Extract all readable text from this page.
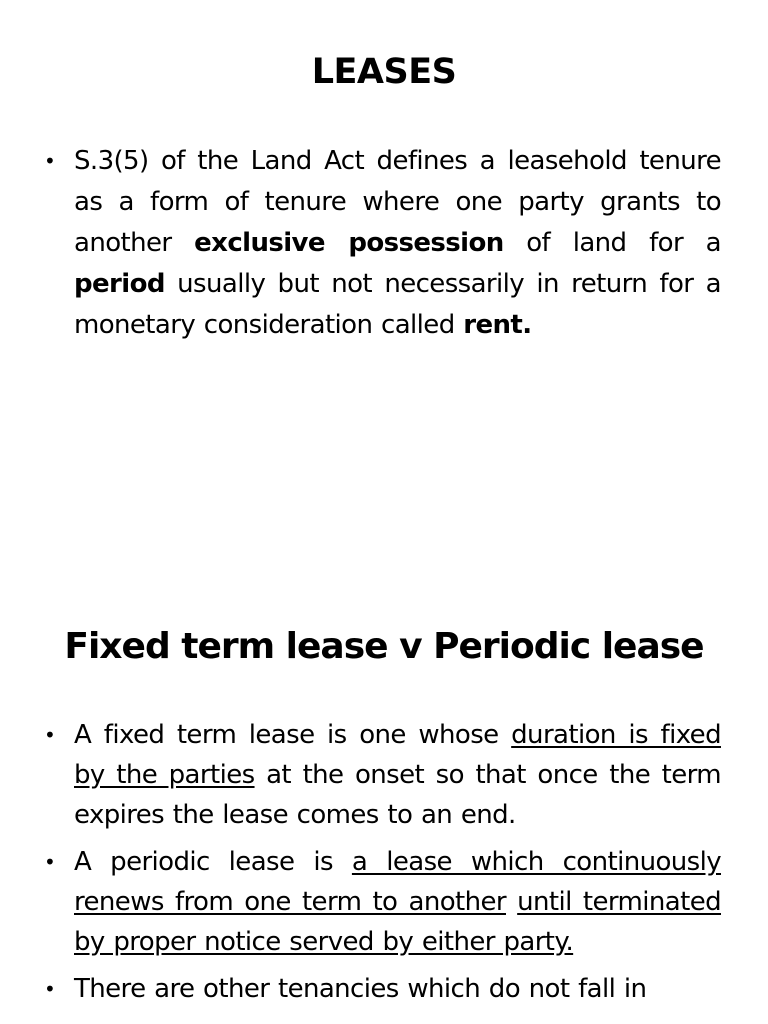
LEASES
• S.3(5) of the Land Act defines a leasehold tenure as a form of tenure where one party grants to another exclusive possession of land for a period usually but not necessarily in return for a monetary consideration called rent.
Fixed term lease v Periodic lease
• A fixed term lease is one whose duration is fixed by the parties at the onset so that once the term expires the lease comes to an end.
• A periodic lease is a lease which continuously renews from one term to another until terminated by proper notice served by either party.
• There are other tenancies which do not fall in
